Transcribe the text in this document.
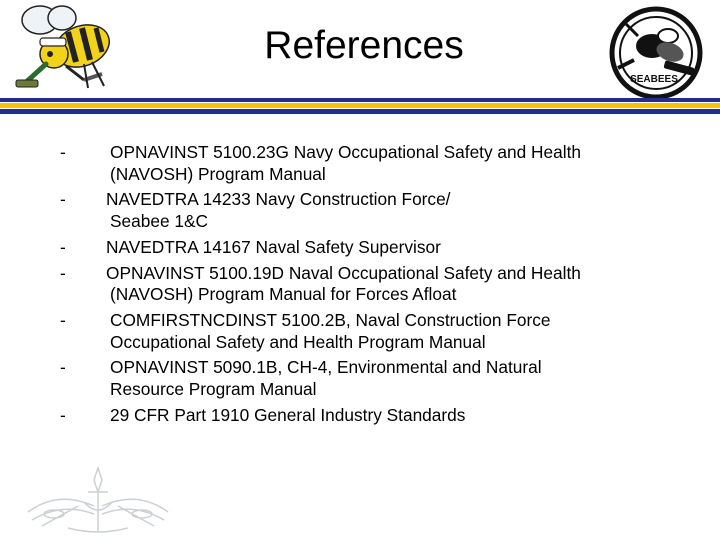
References
SEABEES
-	OPNAVINST 5100.23G Navy Occupational Safety and Health
(NAVOSH) Program Manual
-	NAVEDTRA 14233 Navy Construction Force/
Seabee 1&C
-	NAVEDTRA 14167 Naval Safety Supervisor
-	OPNAVINST 5100.19D Naval Occupational Safety and Health
(NAVOSH) Program Manual for Forces Afloat
-	COMFIRSTNCDINST 5100.2B, Naval Construction Force
Occupational Safety and Health Program Manual
-	OPNAVINST 5090.1B, CH-4, Environmental and Natural
Resource Program Manual
-	29 CFR Part 1910 General Industry Standards
